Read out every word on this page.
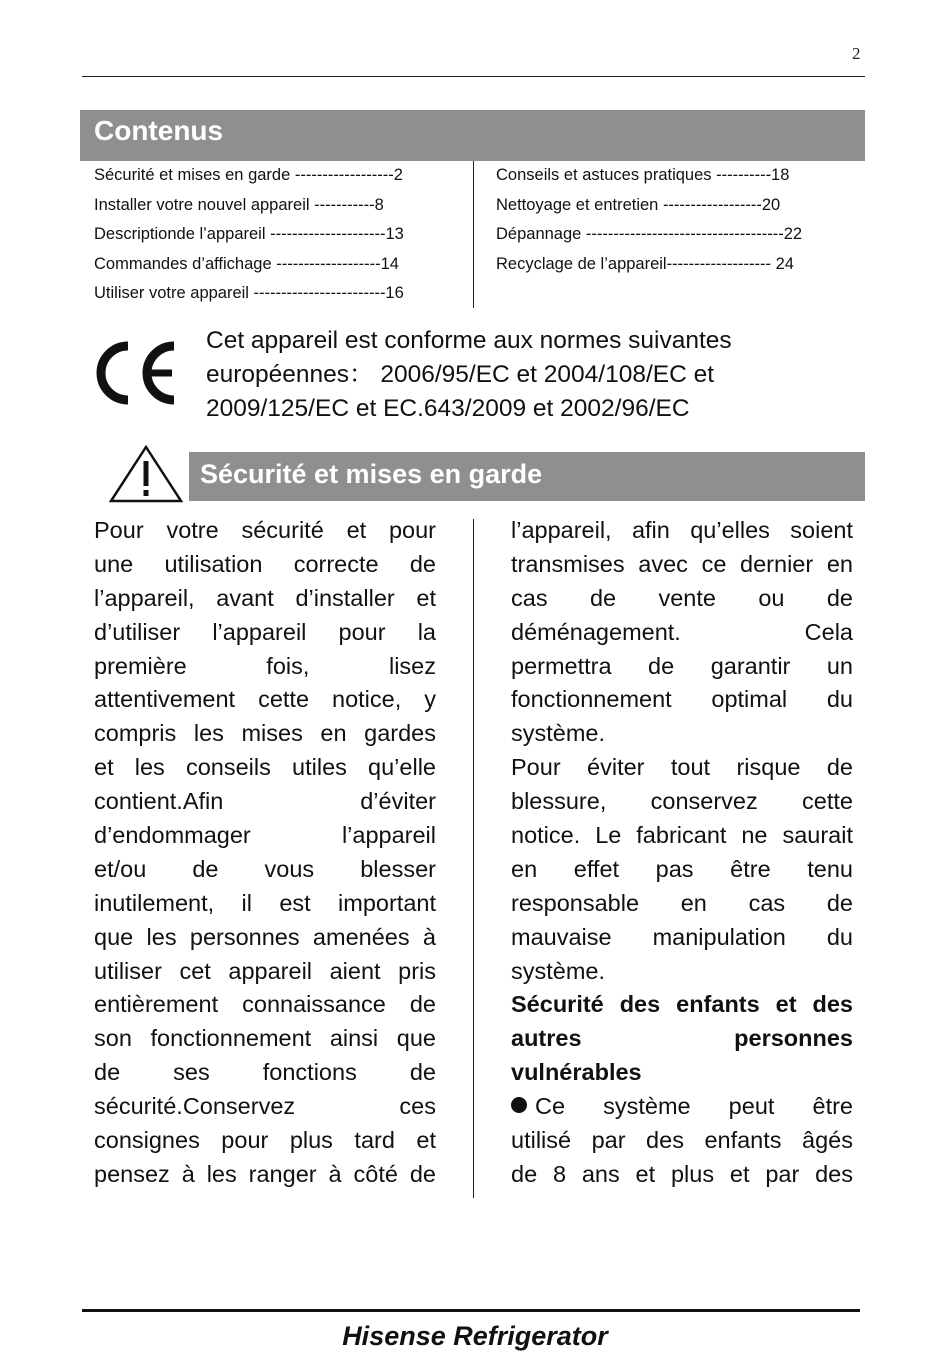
2
Contenus
Sécurité et mises en garde ------------------2
Installer votre nouvel appareil -----------8
Descriptionde l’appareil ---------------------13
Commandes d’affichage -------------------14
Utiliser votre appareil ------------------------16
Conseils et astuces pratiques ----------18
Nettoyage et entretien ------------------20
Dépannage ------------------------------------22
Recyclage de l’appareil------------------- 24
Cet appareil est conforme aux normes suivantes
européennes： 2006/95/EC et 2004/108/EC et
2009/125/EC et EC.643/2009 et 2002/96/EC
Sécurité et mises en garde
Pour votre sécurité et pour
une utilisation correcte de
l’appareil, avant d’installer et
d’utiliser l’appareil pour la
première fois, lisez
attentivement cette notice, y
compris les mises en gardes
et les conseils utiles qu’elle
contient.Afin d’éviter
d’endommager l’appareil
et/ou de vous blesser
inutilement, il est important
que les personnes amenées à
utiliser cet appareil aient pris
entièrement connaissance de
son fonctionnement ainsi que
de ses fonctions de
sécurité.Conservez ces
consignes pour plus tard et
pensez à les ranger à côté de
l’appareil, afin qu’elles soient
transmises avec ce dernier en
cas de vente ou de
déménagement. Cela
permettra de garantir un
fonctionnement optimal du
système.
Pour éviter tout risque de
blessure, conservez cette
notice. Le fabricant ne saurait
en effet pas être tenu
responsable en cas de
mauvaise manipulation du
système.
Sécurité des enfants et des
autres personnes
vulnérables
Ce système peut être
utilisé par des enfants âgés
de 8 ans et plus et par des
Hisense Refrigerator
